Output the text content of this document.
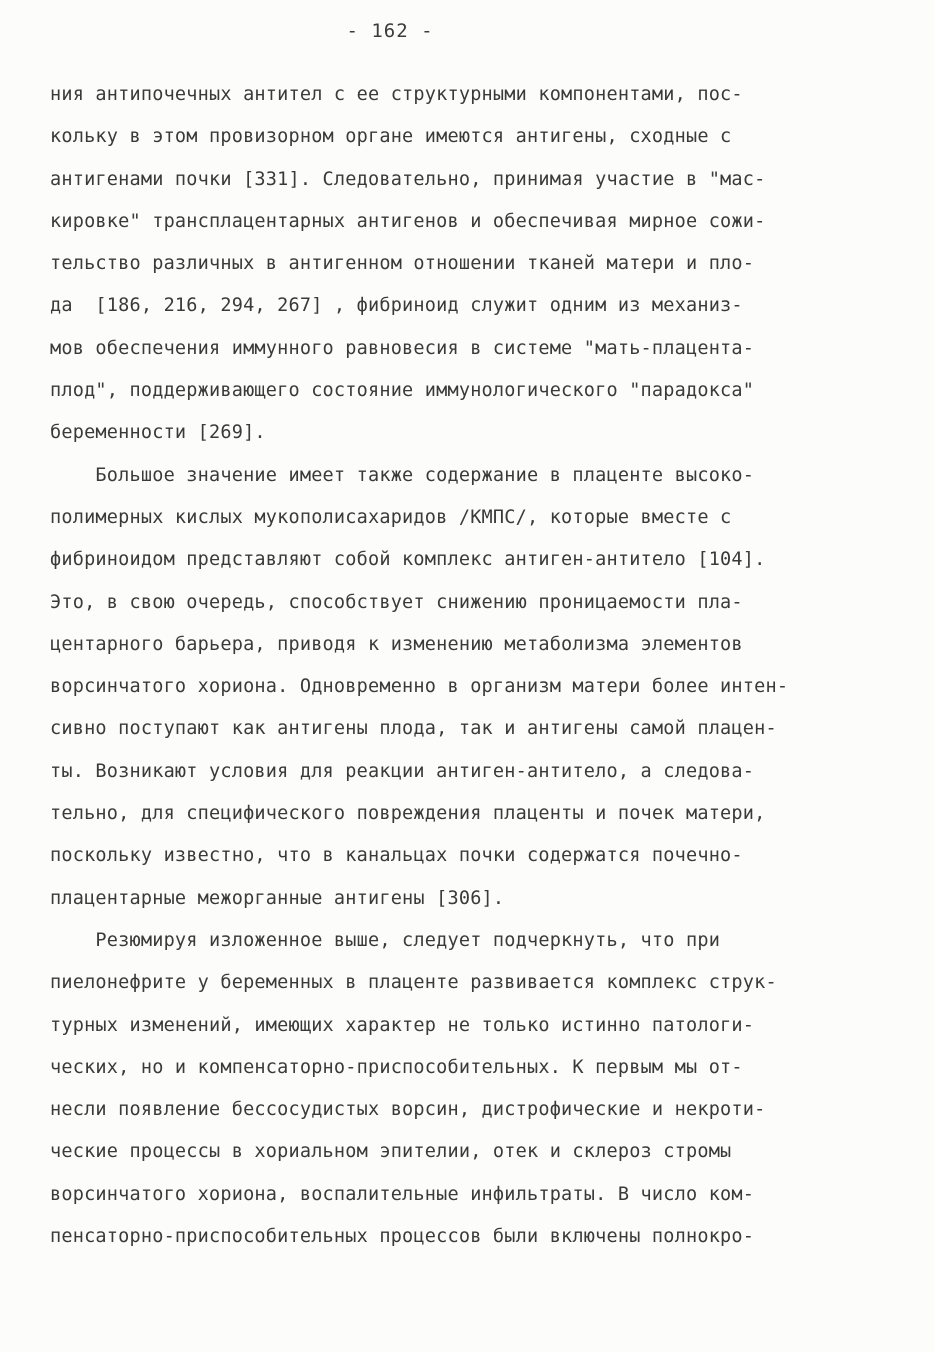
- 162 -
ния антипочечных антител с ее структурными компонентами, пос-
кольку в этом провизорном органе имеются антигены, сходные с
антигенами почки [331]. Следовательно, принимая участие в "мас-
кировке" трансплацентарных антигенов и обеспечивая мирное сожи-
тельство различных в антигенном отношении тканей матери и пло-
да  [186, 216, 294, 267] , фибриноид служит одним из механиз-
мов обеспечения иммунного равновесия в системе "мать-плацента-
плод", поддерживающего состояние иммунологического "парадокса"
беременности [269].
Большое значение имеет также содержание в плаценте высоко-
полимерных кислых мукополисахаридов /КМПС/, которые вместе с
фибриноидом представляют собой комплекс антиген-антитело [104].
Это, в свою очередь, способствует снижению проницаемости пла-
центарного барьера, приводя к изменению метаболизма элементов
ворсинчатого хориона. Одновременно в организм матери более интен-
сивно поступают как антигены плода, так и антигены самой плацен-
ты. Возникают условия для реакции антиген-антитело, а следова-
тельно, для специфического повреждения плаценты и почек матери,
поскольку известно, что в канальцах почки содержатся почечно-
плацентарные межорганные антигены [306].
Резюмируя изложенное выше, следует подчеркнуть, что при
пиелонефрите у беременных в плаценте развивается комплекс струк-
турных изменений, имеющих характер не только истинно патологи-
ческих, но и компенсаторно-приспособительных. К первым мы от-
несли появление бессосудистых ворсин, дистрофические и некроти-
ческие процессы в хориальном эпителии, отек и склероз стромы
ворсинчатого хориона, воспалительные инфильтраты. В число ком-
пенсаторно-приспособительных процессов были включены полнокро-
